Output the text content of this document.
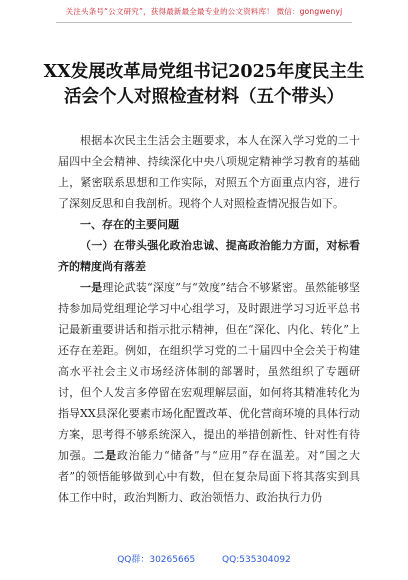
关注头条号“公文研究”，获得最新最全最专业的公文资料库！ 微信：gongwenyj
XX发展改革局党组书记2025年度民主生活会个人对照检查材料（五个带头）

根据本次民主生活会主题要求，本人在深入学习党的二十届四中全会精神、持续深化中央八项规定精神学习教育的基础上，紧密联系思想和工作实际，对照五个方面重点内容，进行了深刻反思和自我剖析。现将个人对照检查情况报告如下。

一、存在的主要问题

（一）在带头强化政治忠诚、提高政治能力方面，对标看齐的精度尚有落差

一是理论武装“深度”与“效度”结合不够紧密。虽然能够坚持参加局党组理论学习中心组学习，及时跟进学习习近平总书记最新重要讲话和指示批示精神，但在“深化、内化、转化”上还存在差距。例如，在组织学习党的二十届四中全会关于构建高水平社会主义市场经济体制的部署时，虽然组织了专题研讨，但个人发言多停留在宏观理解层面，如何将其精准转化为指导XX县深化要素市场化配置改革、优化营商环境的具体行动方案，思考得不够系统深入，提出的举措创新性、针对性有待加强。二是政治能力“储备”与“应用”存在温差。对“国之大者”的领悟能够做到心中有数，但在复杂局面下将其落实到具体工作中时，政治判断力、政治领悟力、政治执行力仍

QQ群：30265665	QQ:535304092
